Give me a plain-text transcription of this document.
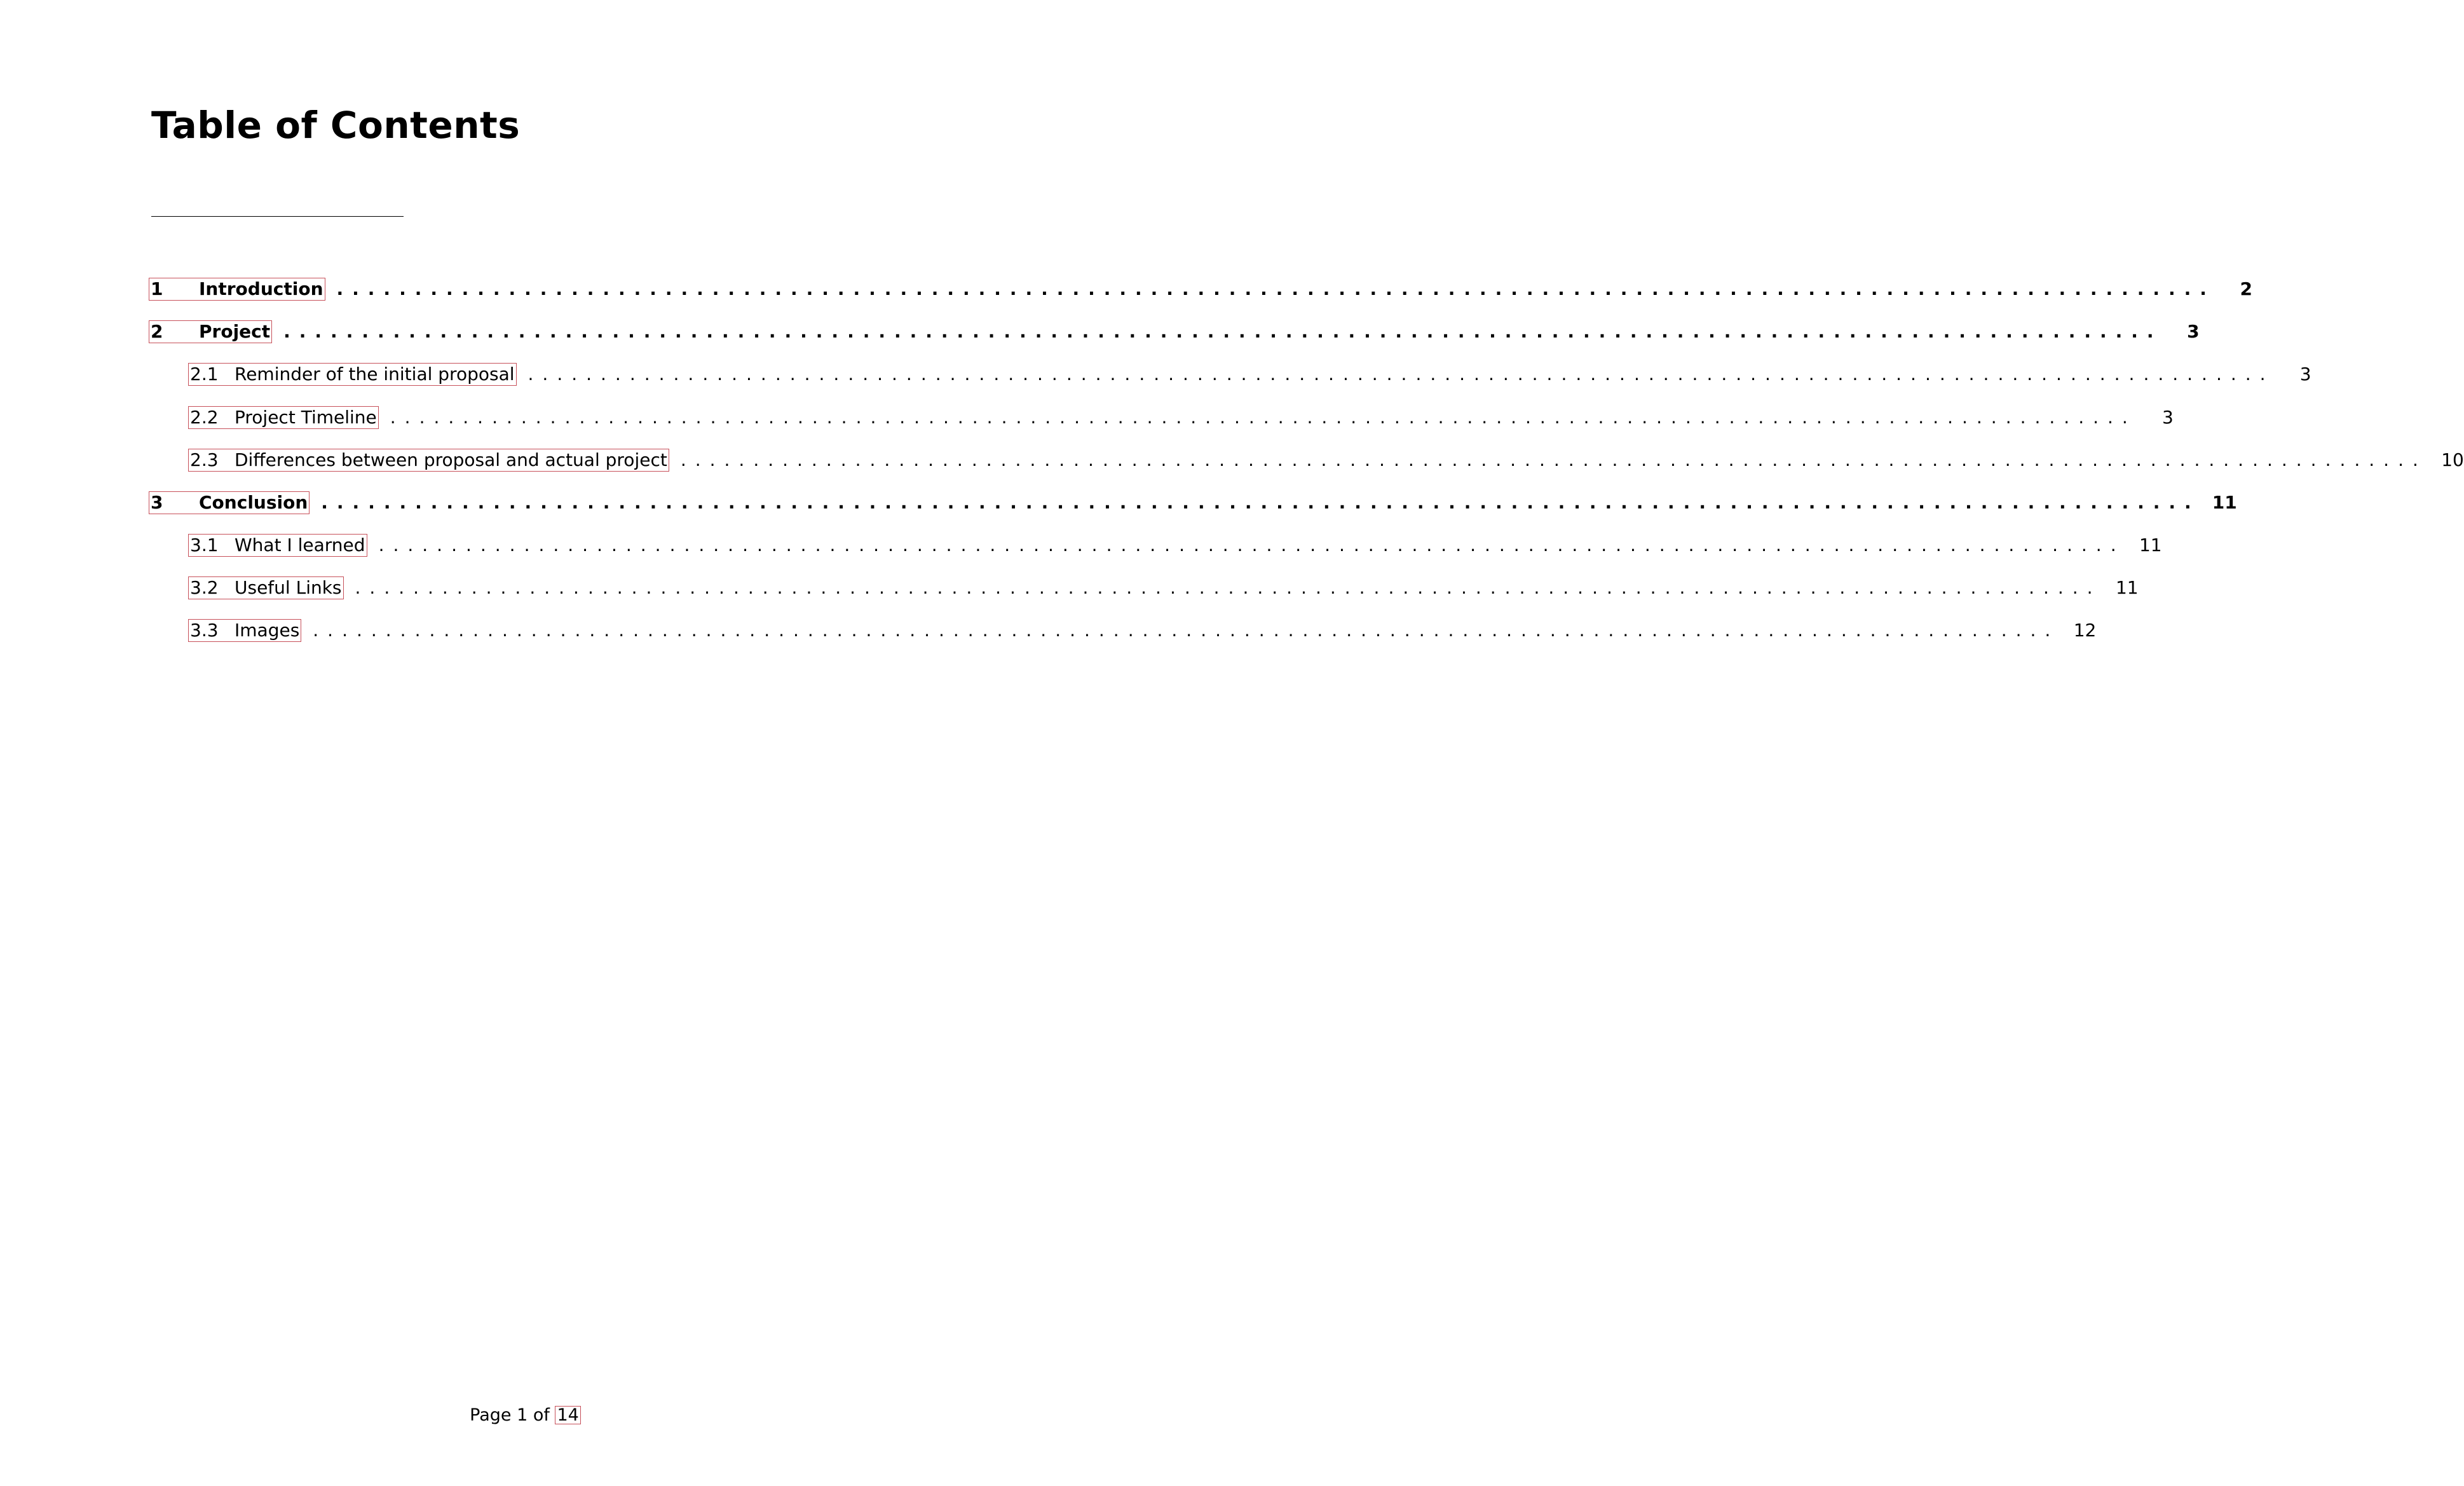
Table of Contents
1	Introduction ........................................................................................................................	2
2	Project ........................................................................................................................	3
2.1 Reminder of the initial proposal ........................................................................................................................	3
2.2 Project Timeline ........................................................................................................................	3
2.3 Differences between proposal and actual project ........................................................................................................................ 10
3	Conclusion ........................................................................................................................ 11
3.1 What I learned ........................................................................................................................ 11
3.2 Useful Links ........................................................................................................................ 11
3.3 Images ........................................................................................................................ 12
Page 1 of 14
